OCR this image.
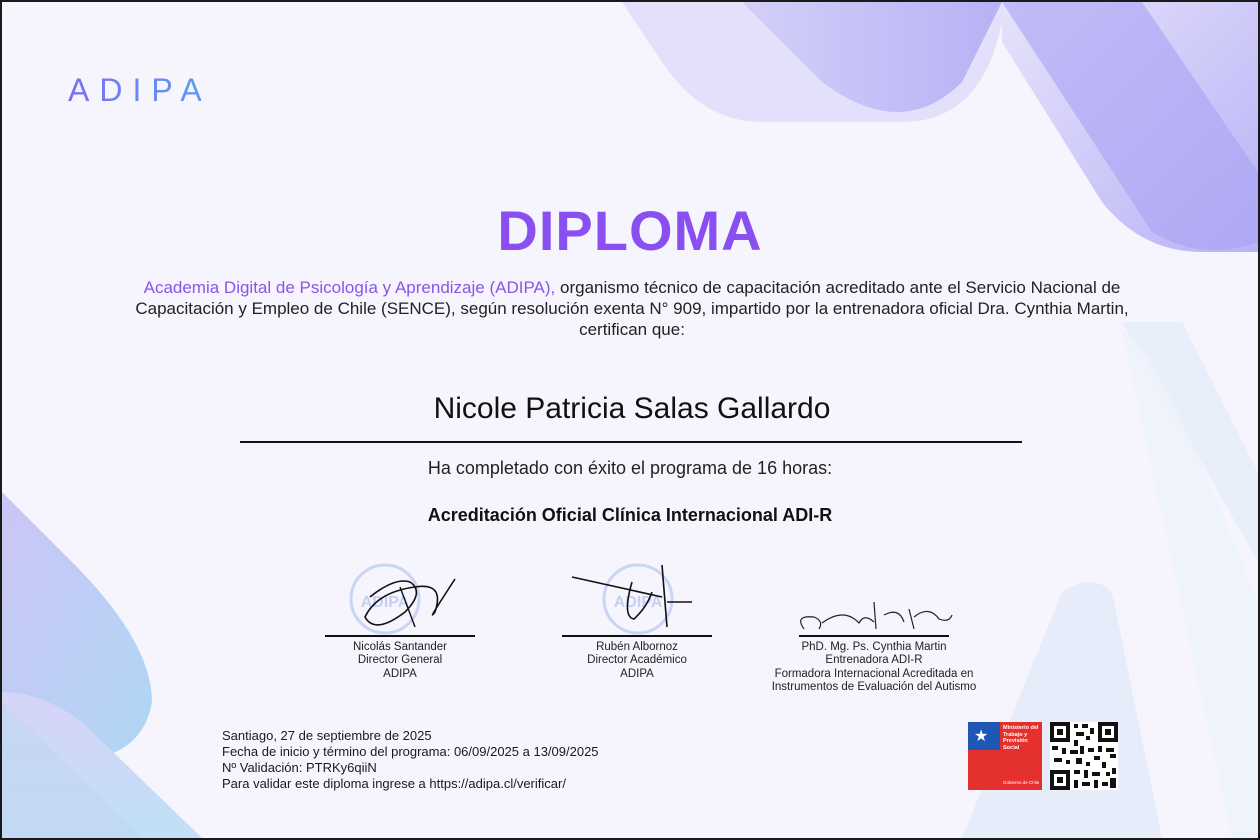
ADIPA
DIPLOMA
Academia Digital de Psicología y Aprendizaje (ADIPA), organismo técnico de capacitación acreditado ante el Servicio Nacional de Capacitación y Empleo de Chile (SENCE), según resolución exenta N° 909, impartido por la entrenadora oficial Dra. Cynthia Martin, certifican que:
Nicole Patricia Salas Gallardo
Ha completado con éxito el programa de 16 horas:
Acreditación Oficial Clínica Internacional ADI-R
ADIPA
Nicolás Santander
Director General
ADIPA
ADIPA
Rubén Albornoz
Director Académico
ADIPA
PhD. Mg. Ps. Cynthia Martin
Entrenadora ADI-R
Formadora Internacional Acreditada en
Instrumentos de Evaluación del Autismo
Santiago, 27 de septiembre de 2025
Fecha de inicio y término del programa: 06/09/2025 a 13/09/2025
Nº Validación: PTRKy6qiiN
Para validar este diploma ingrese a https://adipa.cl/verificar/
★	Ministerio del
Trabajo y
Previsión
Social
Gobierno de Chile
